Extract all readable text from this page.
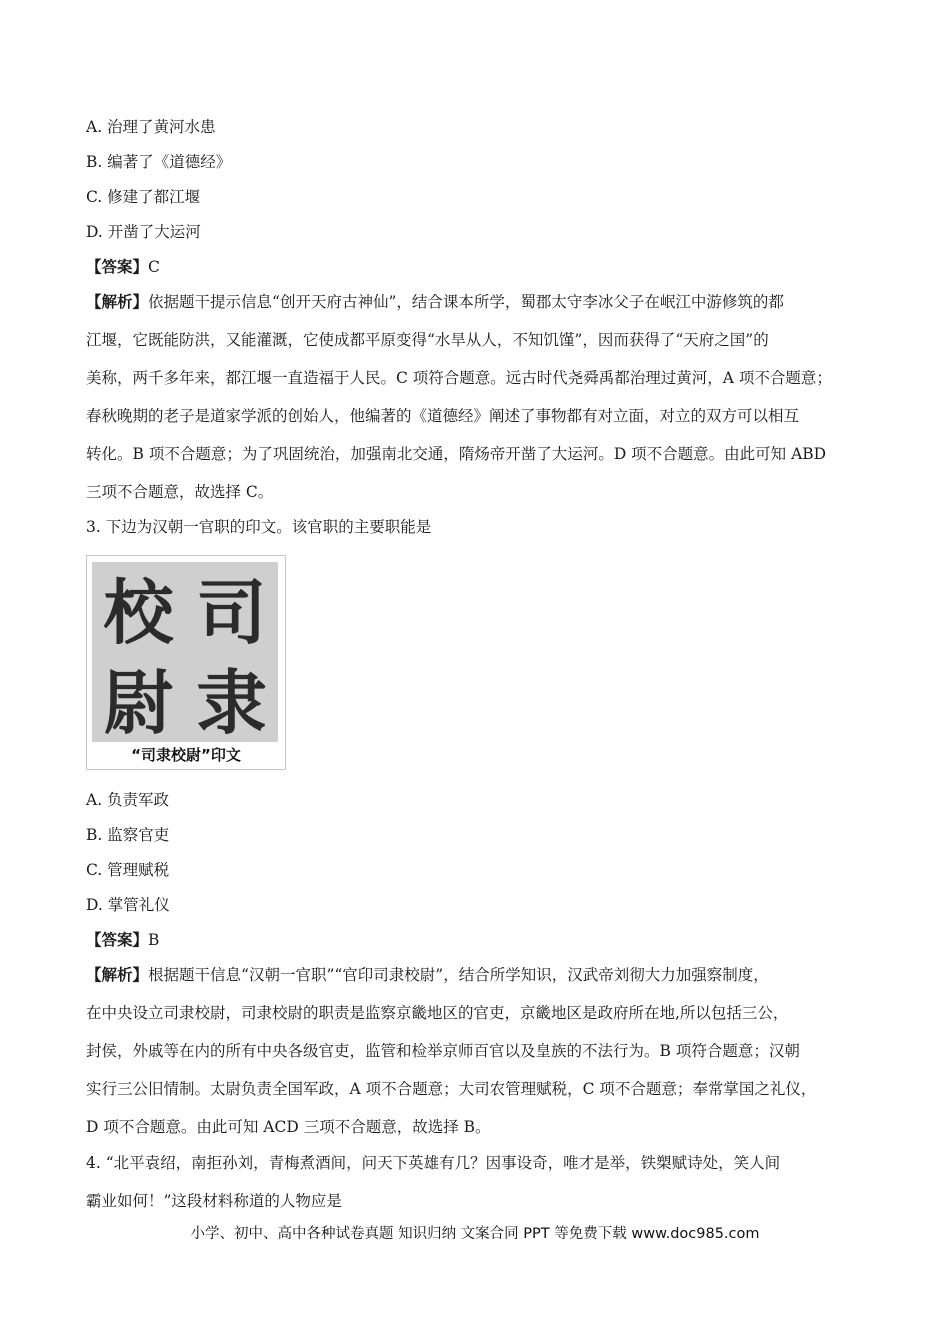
A. 治理了黄河水患
B. 编著了《道德经》
C. 修建了都江堰
D. 开凿了大运河
【答案】C
【解析】依据题干提示信息“创开天府古神仙”，结合课本所学，蜀郡太守李冰父子在岷江中游修筑的都
江堰，它既能防洪，又能灌溉，它使成都平原变得“水旱从人，不知饥馑”，因而获得了“天府之国”的
美称，两千多年来，都江堰一直造福于人民。C 项符合题意。远古时代尧舜禹都治理过黄河，A 项不合题意；
春秋晚期的老子是道家学派的创始人，他编著的《道德经》阐述了事物都有对立面，对立的双方可以相互
转化。B 项不合题意；为了巩固统治，加强南北交通，隋炀帝开凿了大运河。D 项不合题意。由此可知 ABD
三项不合题意，故选择 C。
3. 下边为汉朝一官职的印文。该官职的主要职能是
司
隶
校
尉
“司隶校尉”印文
A. 负责军政
B. 监察官吏
C. 管理赋税
D. 掌管礼仪
【答案】B
【解析】根据题干信息“汉朝一官职”“官印司隶校尉”，结合所学知识，汉武帝刘彻大力加强察制度，
在中央设立司隶校尉，司隶校尉的职责是监察京畿地区的官吏，京畿地区是政府所在地,所以包括三公，
封侯，外戚等在内的所有中央各级官吏，监管和检举京师百官以及皇族的不法行为。B 项符合题意；汉朝
实行三公旧情制。太尉负责全国军政，A 项不合题意；大司农管理赋税，C 项不合题意；奉常掌国之礼仪，
D 项不合题意。由此可知 ACD 三项不合题意，故选择 B。
4. “北平袁绍，南拒孙刘，青梅煮酒间，问天下英雄有几？因事设奇，唯才是举，铁槊赋诗处，笑人间
霸业如何！”这段材料称道的人物应是
小学、初中、高中各种试卷真题 知识归纳 文案合同 PPT 等免费下载 www.doc985.com
